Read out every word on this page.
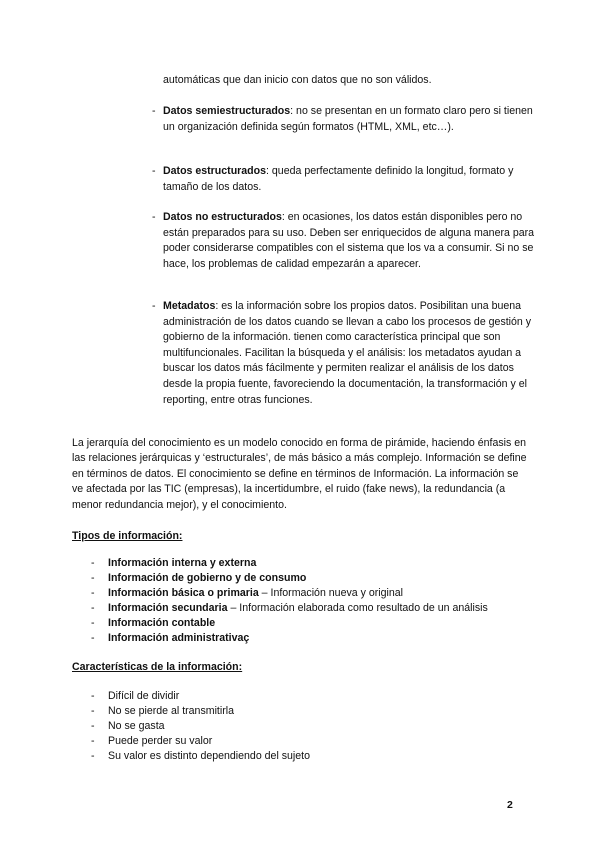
automáticas que dan inicio con datos que no son válidos.
- Datos semiestructurados: no se presentan en un formato claro pero si tienen un organización definida según formatos (HTML, XML, etc…).
- Datos estructurados: queda perfectamente definido la longitud, formato y tamaño de los datos.
- Datos no estructurados: en ocasiones, los datos están disponibles pero no están preparados para su uso. Deben ser enriquecidos de alguna manera para poder considerarse compatibles con el sistema que los va a consumir. Si no se hace, los problemas de calidad empezarán a aparecer.
- Metadatos: es la información sobre los propios datos. Posibilitan una buena administración de los datos cuando se llevan a cabo los procesos de gestión y gobierno de la información. tienen como característica principal que son multifuncionales. Facilitan la búsqueda y el análisis: los metadatos ayudan a buscar los datos más fácilmente y permiten realizar el análisis de los datos desde la propia fuente, favoreciendo la documentación, la transformación y el reporting, entre otras funciones.
La jerarquía del conocimiento es un modelo conocido en forma de pirámide, haciendo énfasis en las relaciones jerárquicas y ‘estructurales’, de más básico a más complejo. Información se define en términos de datos. El conocimiento se define en términos de Información. La información se ve afectada por las TIC (empresas), la incertidumbre, el ruido (fake news), la redundancia (a menor redundancia mejor), y el conocimiento.
Tipos de información:
- Información interna y externa
- Información de gobierno y de consumo
- Información básica o primaria – Información nueva y original
- Información secundaria – Información elaborada como resultado de un análisis
- Información contable
- Información administrativaç
Características de la información:
- Difícil de dividir
- No se pierde al transmitirla
- No se gasta
- Puede perder su valor
- Su valor es distinto dependiendo del sujeto
2
